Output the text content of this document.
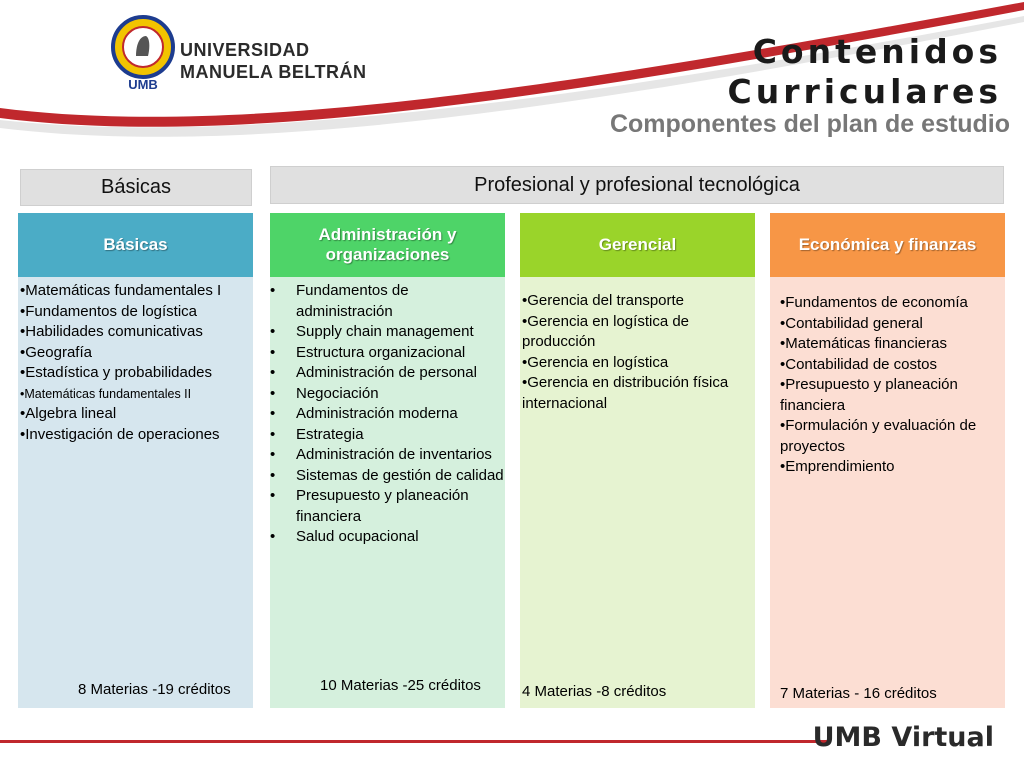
UMB
UNIVERSIDAD
MANUELA BELTRÁN
Contenidos
Curriculares
Componentes del plan de estudio
Básicas	Profesional y profesional tecnológica
Básicas
•Matemáticas fundamentales I
•Fundamentos de logística
•Habilidades comunicativas
•Geografía
•Estadística y probabilidades
•Matemáticas fundamentales II
•Algebra lineal
•Investigación de operaciones
8 Materias -19 créditos
Administración y organizaciones
• Fundamentos de administración
• Supply chain management
• Estructura organizacional
• Administración de personal
• Negociación
• Administración moderna
• Estrategia
• Administración de inventarios
• Sistemas de gestión de calidad
• Presupuesto y planeación financiera
• Salud ocupacional
10 Materias -25 créditos
Gerencial
•Gerencia del transporte
•Gerencia en logística de producción
•Gerencia en logística
•Gerencia en distribución física internacional
4 Materias -8 créditos
Económica y finanzas
•Fundamentos de economía
•Contabilidad general
•Matemáticas financieras
•Contabilidad de costos
•Presupuesto y planeación financiera
•Formulación y evaluación de proyectos
•Emprendimiento
7 Materias - 16 créditos
UMB Virtual
